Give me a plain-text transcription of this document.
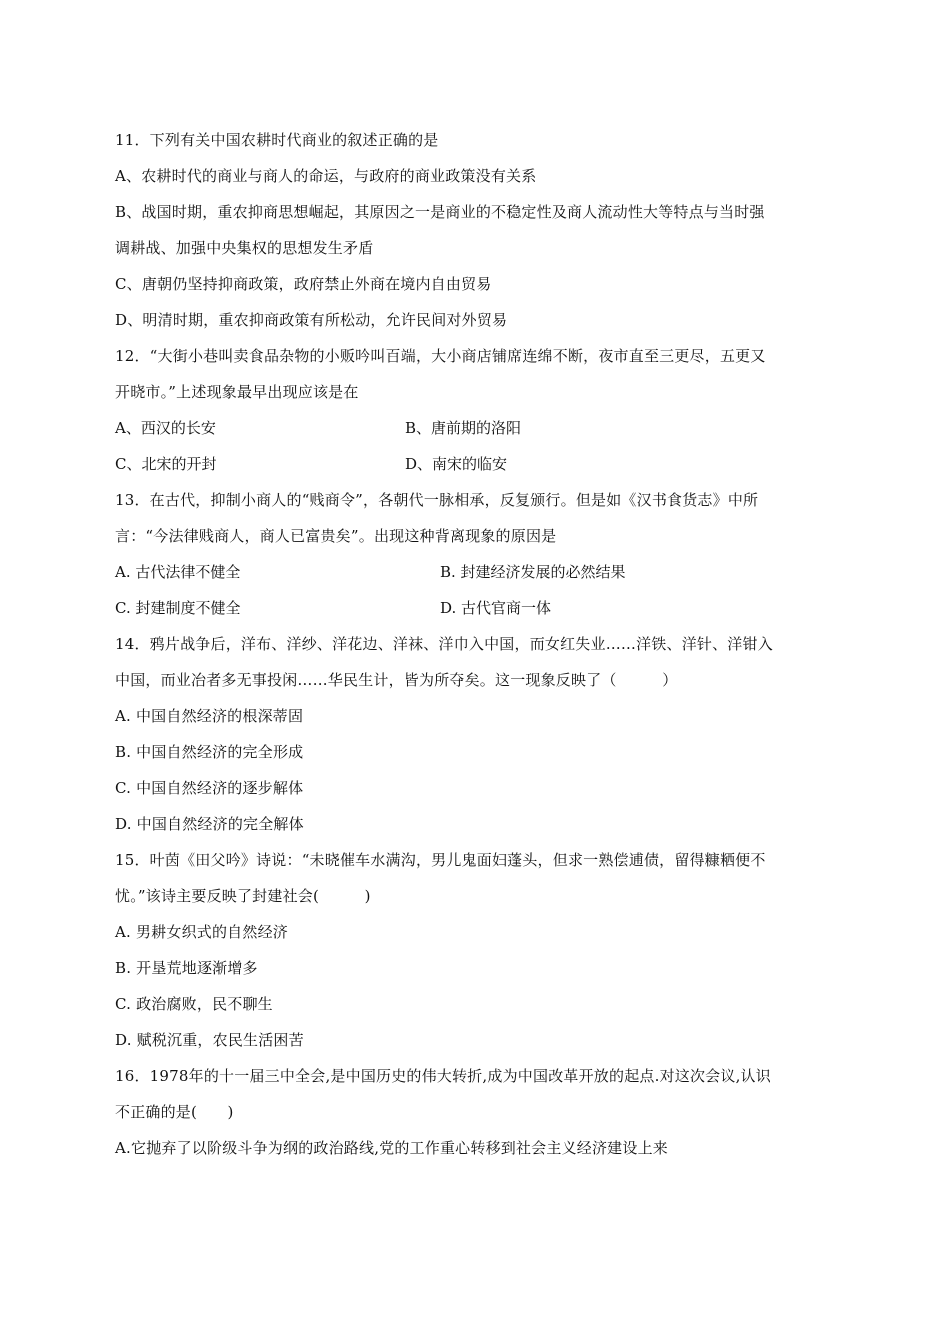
11．下列有关中国农耕时代商业的叙述正确的是
A、农耕时代的商业与商人的命运，与政府的商业政策没有关系
B、战国时期，重农抑商思想崛起，其原因之一是商业的不稳定性及商人流动性大等特点与当时强
调耕战、加强中央集权的思想发生矛盾
C、唐朝仍坚持抑商政策，政府禁止外商在境内自由贸易
D、明清时期，重农抑商政策有所松动，允许民间对外贸易
12．“大街小巷叫卖食品杂物的小贩吟叫百端，大小商店铺席连绵不断，夜市直至三更尽，五更又
开晓市。”上述现象最早出现应该是在
A、西汉的长安	B、唐前期的洛阳
C、北宋的开封	D、南宋的临安
13．在古代，抑制小商人的“贱商令”，各朝代一脉相承，反复颁行。但是如《汉书食货志》中所
言：“今法律贱商人，商人已富贵矣”。出现这种背离现象的原因是
A. 古代法律不健全	B. 封建经济发展的必然结果
C. 封建制度不健全	D. 古代官商一体
14．鸦片战争后，洋布、洋纱、洋花边、洋袜、洋巾入中国，而女红失业……洋铁、洋针、洋钳入
中国，而业冶者多无事投闲……华民生计，皆为所夺矣。这一现象反映了（　　　）
A. 中国自然经济的根深蒂固
B. 中国自然经济的完全形成
C. 中国自然经济的逐步解体
D. 中国自然经济的完全解体
15．叶茵《田父吟》诗说：“未晓催车水满沟，男儿鬼面妇蓬头，但求一熟偿逋债，留得糠粞便不
忧。”该诗主要反映了封建社会(　　　)
A. 男耕女织式的自然经济
B. 开垦荒地逐渐增多
C. 政治腐败，民不聊生
D. 赋税沉重，农民生活困苦
16．1978年的十一届三中全会,是中国历史的伟大转折,成为中国改革开放的起点.对这次会议,认识
不正确的是(　　)
A.它抛弃了以阶级斗争为纲的政治路线,党的工作重心转移到社会主义经济建设上来
